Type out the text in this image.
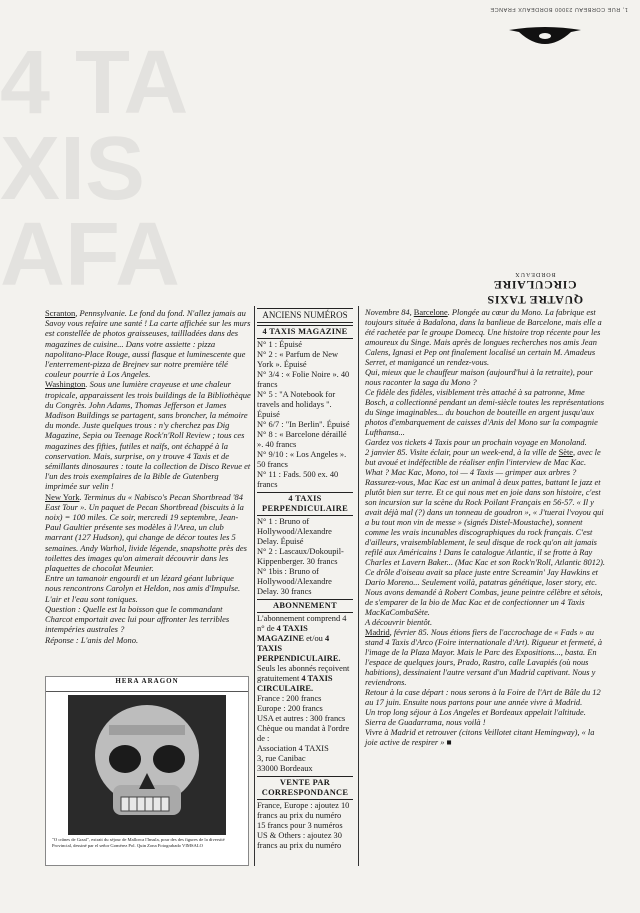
4 TA
XIS
AFA
1, RUE CORBEAU 23000 BORDEAUX FRANCE
QUATRE TAXIS CIRCULAIRE
BORDEAUX

Scranton, Pennsylvanie. Le fond du fond. N'allez jamais au Savoy vous refaire une santé ! La carte affichée sur les murs est constellée de photos graisseuses, taillladées dans des magazines de cuisine... Dans votre assiette : pizza napolitano-Place Rouge, aussi flasque et luminescente que l'enterrement-pizza de Brejnev sur notre première télé couleur pourrie à Los Angeles.

Washington. Sous une lumière crayeuse et une chaleur tropicale, apparaissent les trois buildings de la Bibliothèque du Congrès. John Adams, Thomas Jefferson et James Madison Buildings se partagent, sans broncher, la mémoire du monde. Juste quelques trous : n'y cherchez pas Dig Magazine, Sepia ou Teenage Rock'n'Roll Review ; tous ces magazines des fifties, futiles et naïfs, ont échappé à la conservation. Mais, surprise, on y trouve 4 Taxis et de sémillants dinosaures : toute la collection de Disco Revue et l'un des trois exemplaires de la Bible de Gutenberg imprimée sur velin !

New York. Terminus du « Nabisco's Pecan Shortbread '84 East Tour ». Un paquet de Pecan Shortbread (biscuits à la noix) = 100 miles. Ce soir, mercredi 19 septembre, Jean-Paul Gaultier présente ses modèles à l'Area, un club marrant (127 Hudson), qui change de décor toutes les 5 semaines. Andy Warhol, livide légende, snapshotte près des toilettes des images qu'on aimerait découvrir dans les plaquettes de chocolat Meunier.

Entre un tamanoir engourdi et un lézard géant lubrique nous rencontrons Carolyn et Heldon, nos amis d'Impulse. L'air et l'eau sont toniques.

Question : Quelle est la boisson que le commandant Charcot emportait avec lui pour affronter les terribles intempéries australes ?

Réponse : L'anis del Mono.

HERA ARAGON
"O crânes de Graal", extrait du séjour de Mallorca l'Insula, pour des des figures de la diversité Provincial, dessiné par el señor Gomérez Pol. Quin Zona Fotograbado VIMSALO
ANCIENS NUMÉROS
4 TAXIS MAGAZINE

N° 1 : Épuisé

N° 2 : « Parfum de New York ». Épuisé

N° 3/4 : « Folie Noire ». 40 francs

N° 5 : "A Notebook for travels and holidays ". Épuisé

N° 6/7 : "In Berlin". Épuisé

N° 8 : « Barcelone déraillé ». 40 francs

N° 9/10 : « Los Angeles ». 50 francs

N° 11 : Fads. 500 ex. 40 francs

4 TAXIS PERPENDICULAIRE

N° 1 : Bruno of Hollywood/Alexandre Delay. Épuisé

N° 2 : Lascaux/Dokoupil-Kippenberger. 30 francs

N° 1bis : Bruno of Hollywood/Alexandre Delay. 30 francs

ABONNEMENT

L'abonnement comprend 4 n° de 4 TAXIS MAGAZINE et/ou 4 TAXIS PERPENDICULAIRE.

Seuls les abonnés reçoivent gratuitement 4 TAXIS CIRCULAIRE.

France : 200 francs

Europe : 200 francs

USA et autres : 300 francs

Chèque ou mandat à l'ordre de :

Association 4 TAXIS

3, rue Canibac

33000 Bordeaux

VENTE PAR CORRESPONDANCE

France, Europe : ajoutez 10 francs au prix du numéro

15 francs pour 3 numéros

US & Others : ajoutez 30 francs au prix du numéro

Novembre 84, Barcelone. Plongée au cœur du Mono. La fabrique est toujours située à Badalona, dans la banlieue de Barcelone, mais elle a été rachetée par le groupe Domecq. Une histoire trop récente pour les amoureux du Singe. Mais après de longues recherches nos amis Jean Calens, Ignasi et Pep ont finalement localisé un certain M. Amadeus Serret, et manigancé un rendez-vous.

Qui, mieux que le chauffeur maison (aujourd'hui à la retraite), pour nous raconter la saga du Mono ?

Ce fidèle des fidèles, visiblement très attaché à sa patronne, Mme Bosch, a collectionné pendant un demi-siècle toutes les représentations du Singe imaginables... du bouchon de bouteille en argent jusqu'aux photos d'embarquement de caisses d'Anis del Mono sur la compagnie Lufthansa...

Gardez vos tickets 4 Taxis pour un prochain voyage en Monoland.

2 janvier 85. Visite éclair, pour un week-end, à la ville de Sète, avec le but avoué et indéfectible de réaliser enfin l'interview de Mac Kac.

What ? Mac Kac, Mono, toi — 4 Taxis — grimper aux arbres ?

Rassurez-vous, Mac Kac est un animal à deux pattes, battant le jazz et plutôt bien sur terre. Et ce qui nous met en joie dans son histoire, c'est son incursion sur la scène du Rock Poilant Français en 56-57. « Il y avait déjà mal (?) dans un tonneau de goudron », « J'tuerai l'voyou qui a bu tout mon vin de messe » (signés Distel-Moustache), sonnent comme les vrais incunables discographiques du rock français. C'est d'ailleurs, vraisemblablement, le seul disque de rock qu'on ait jamais refilé aux Américains ! Dans le catalogue Atlantic, il se frotte à Ray Charles et Lavern Baker... (Mac Kac et son Rock'n'Roll, Atlantic 8012).

Ce drôle d'oiseau avait sa place juste entre Screamin' Jay Hawkins et Dario Moreno... Seulement voilà, patatras génétique, loser story, etc.

Nous avons demandé à Robert Combas, jeune peintre célèbre et sétois, de s'emparer de la bio de Mac Kac et de confectionner un 4 Taxis MacKaCombaSète.

A découvrir bientôt.

Madrid, février 85. Nous étions fiers de l'accrochage de « Fads » au stand 4 Taxis d'Arco (Foire internationale d'Art). Rigueur et fermeté, à l'image de la Plaza Mayor. Mais le Parc des Expositions..., basta. En l'espace de quelques jours, Prado, Rastro, calle Lavapiés (où nous habitions), dessinaient l'autre versant d'un Madrid captivant. Nous y reviendrons.

Retour à la case départ : nous serons à la Foire de l'Art de Bâle du 12 au 17 juin. Ensuite nous partons pour une année vivre à Madrid.

Un trop long séjour à Los Angeles et Bordeaux appelait l'altitude. Sierra de Guadarrama, nous voilà !

Vivre à Madrid et retrouver (citons Veillotet citant Hemingway), « la joie active de respirer » ■
